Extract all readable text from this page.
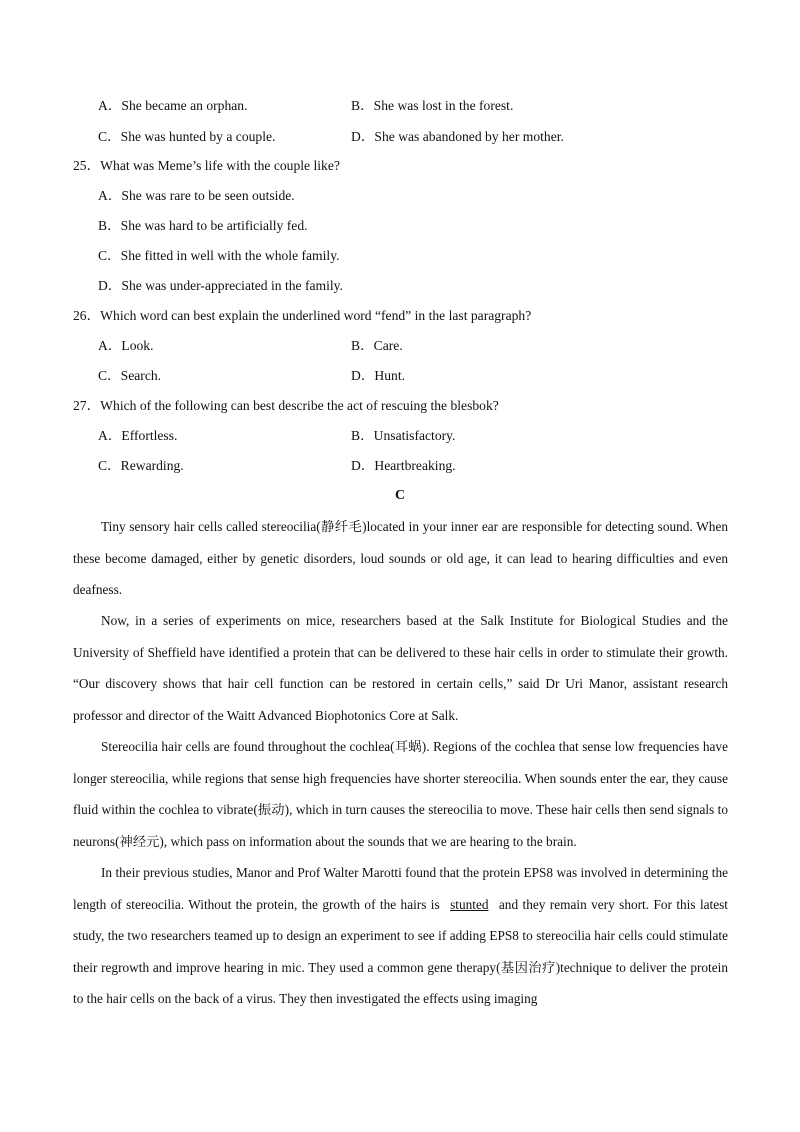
A．She became an orphan.	B．She was lost in the forest.
C．She was hunted by a couple.	D．She was abandoned by her mother.
25．What was Meme’s life with the couple like?
A．She was rare to be seen outside.
B．She was hard to be artificially fed.
C．She fitted in well with the whole family.
D．She was under-appreciated in the family.
26．Which word can best explain the underlined word “fend” in the last paragraph?
A．Look.	B．Care.
C．Search.	D．Hunt.
27．Which of the following can best describe the act of rescuing the blesbok?
A．Effortless.	B．Unsatisfactory.
C．Rewarding.	D．Heartbreaking.
C
Tiny sensory hair cells called stereocilia(静纤毛)located in your inner ear are responsible for detecting sound. When these become damaged, either by genetic disorders, loud sounds or old age, it can lead to hearing difficulties and even deafness.
Now, in a series of experiments on mice, researchers based at the Salk Institute for Biological Studies and the University of Sheffield have identified a protein that can be delivered to these hair cells in order to stimulate their growth. “Our discovery shows that hair cell function can be restored in certain cells,” said Dr Uri Manor, assistant research professor and director of the Waitt Advanced Biophotonics Core at Salk.
Stereocilia hair cells are found throughout the cochlea(耳蜗). Regions of the cochlea that sense low frequencies have longer stereocilia, while regions that sense high frequencies have shorter stereocilia. When sounds enter the ear, they cause fluid within the cochlea to vibrate(振动), which in turn causes the stereocilia to move. These hair cells then send signals to neurons(神经元), which pass on information about the sounds that we are hearing to the brain.
In their previous studies, Manor and Prof Walter Marotti found that the protein EPS8 was involved in determining the length of stereocilia. Without the protein, the growth of the hairs is stunted and they remain very short. For this latest study, the two researchers teamed up to design an experiment to see if adding EPS8 to stereocilia hair cells could stimulate their regrowth and improve hearing in mic. They used a common gene therapy(基因治疗)technique to deliver the protein to the hair cells on the back of a virus. They then investigated the effects using imaging
